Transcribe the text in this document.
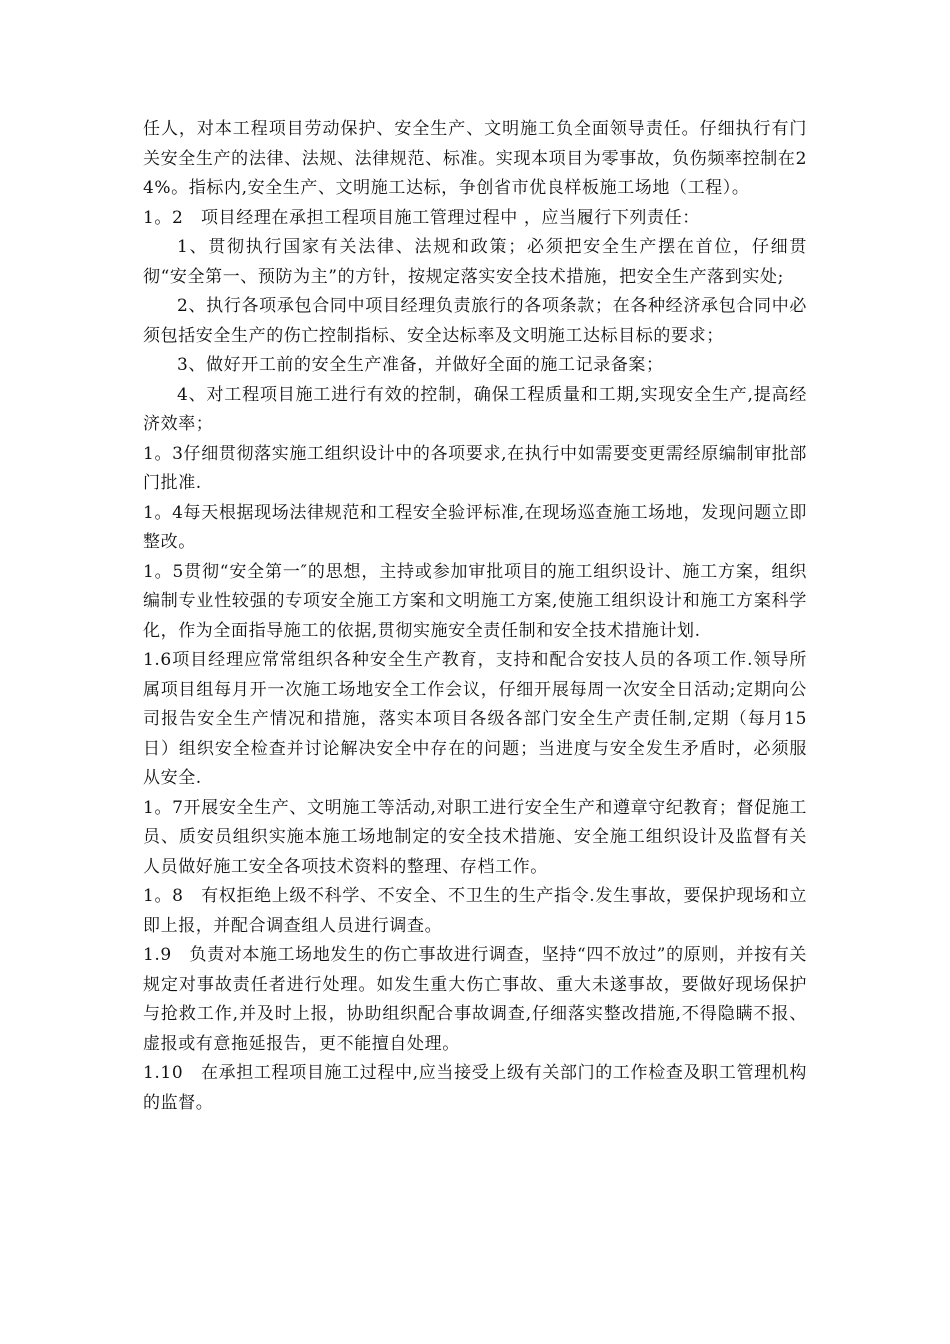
任人，对本工程项目劳动保护、安全生产、文明施工负全面领导责任。仔细执行有门关安全生产的法律、法规、法律规范、标准。实现本项目为零事故，负伤频率控制在24%。指标内,安全生产、文明施工达标，争创省市优良样板施工场地（工程）。

1。2　项目经理在承担工程项目施工管理过程中 ，应当履行下列责任：

1、贯彻执行国家有关法律、法规和政策；必须把安全生产摆在首位，仔细贯彻“安全第一、预防为主”的方针，按规定落实安全技术措施，把安全生产落到实处;

2、执行各项承包合同中项目经理负责旅行的各项条款；在各种经济承包合同中必须包括安全生产的伤亡控制指标、安全达标率及文明施工达标目标的要求；

3、做好开工前的安全生产准备，并做好全面的施工记录备案；

4、对工程项目施工进行有效的控制，确保工程质量和工期,实现安全生产,提高经济效率；

1。3仔细贯彻落实施工组织设计中的各项要求,在执行中如需要变更需经原编制审批部门批准.

1。4每天根据现场法律规范和工程安全验评标准,在现场巡查施工场地，发现问题立即整改。

1。5贯彻“安全第一″的思想，主持或参加审批项目的施工组织设计、施工方案，组织编制专业性较强的专项安全施工方案和文明施工方案,使施工组织设计和施工方案科学化，作为全面指导施工的依据,贯彻实施安全责任制和安全技术措施计划.

1.6项目经理应常常组织各种安全生产教育，支持和配合安技人员的各项工作.领导所属项目组每月开一次施工场地安全工作会议，仔细开展每周一次安全日活动;定期向公司报告安全生产情况和措施，落实本项目各级各部门安全生产责任制,定期（每月15日）组织安全检查并讨论解决安全中存在的问题；当进度与安全发生矛盾时，必须服从安全.

1。7开展安全生产、文明施工等活动,对职工进行安全生产和遵章守纪教育；督促施工员、质安员组织实施本施工场地制定的安全技术措施、安全施工组织设计及监督有关人员做好施工安全各项技术资料的整理、存档工作。

1。8　有权拒绝上级不科学、不安全、不卫生的生产指令.发生事故，要保护现场和立即上报，并配合调查组人员进行调查。

1.9　负责对本施工场地发生的伤亡事故进行调查，坚持“四不放过”的原则，并按有关规定对事故责任者进行处理。如发生重大伤亡事故、重大未遂事故，要做好现场保护与抢救工作,并及时上报，协助组织配合事故调查,仔细落实整改措施,不得隐瞒不报、虚报或有意拖延报告，更不能擅自处理。

1.10　在承担工程项目施工过程中,应当接受上级有关部门的工作检查及职工管理机构的监督。
